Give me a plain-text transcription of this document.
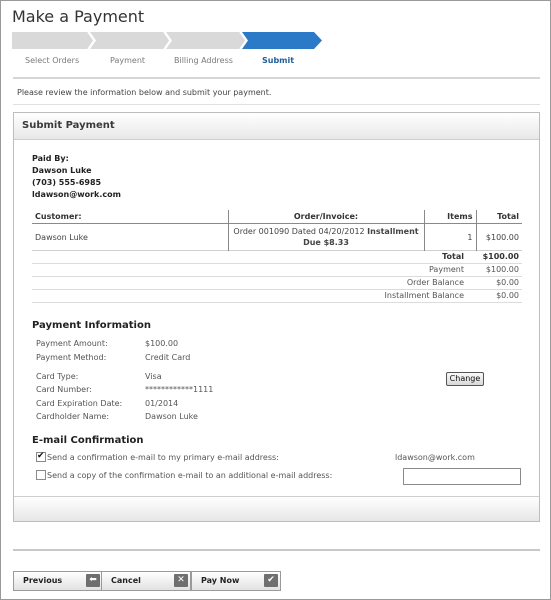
Make a Payment
Select Orders	Payment	Billing Address	Submit
Please review the information below and submit your payment.
Submit Payment
Paid By:
Dawson Luke
(703) 555-6985
ldawson@work.com
Customer:	Order/Invoice:	Items	Total
Dawson Luke	Order 001090 Dated 04/20/2012 Installment Due $8.33	1	$100.00
Total $100.00
Payment	$100.00
Order Balance	$0.00
Installment Balance	$0.00
Payment Information
Payment Amount:	$100.00
Payment Method:	Credit Card
Card Type:	Visa
Card Number:	************1111
Card Expiration Date:	01/2014
Cardholder Name:	Dawson Luke
Change
E-mail Confirmation
✔
Send a confirmation e-mail to my primary e-mail address:	ldawson@work.com
Send a copy of the confirmation e-mail to an additional e-mail address:
Previous	⬅	Cancel	✕	Pay Now	✔
